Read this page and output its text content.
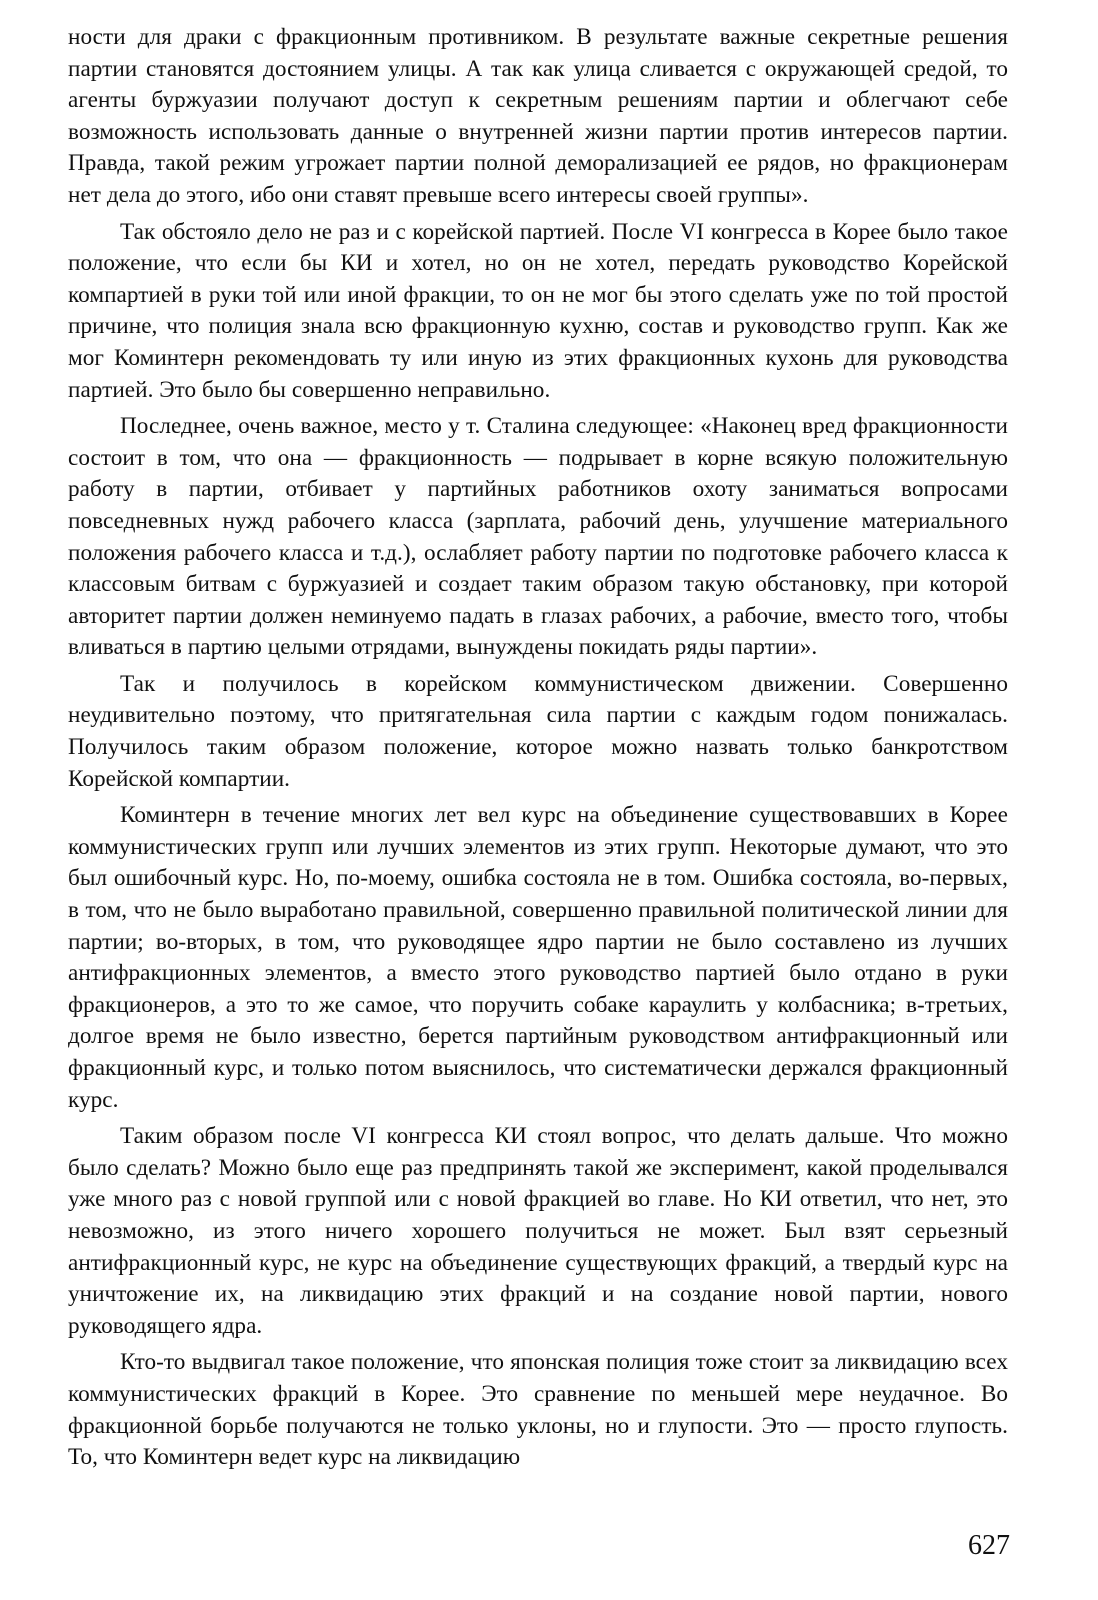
ности для драки с фракционным противником. В результате важные секретные решения партии становятся достоянием улицы. А так как улица сливается с окружающей средой, то агенты буржуазии получают доступ к секретным решениям партии и облегчают себе возможность использовать данные о внутренней жизни партии против интересов партии. Правда, такой режим угрожает партии полной деморализацией ее рядов, но фракционерам нет дела до этого, ибо они ставят превыше всего интересы своей группы».

Так обстояло дело не раз и с корейской партией. После VI конгресса в Корее было такое положение, что если бы КИ и хотел, но он не хотел, передать руководство Корейской компартией в руки той или иной фракции, то он не мог бы этого сделать уже по той простой причине, что полиция знала всю фракционную кухню, состав и руководство групп. Как же мог Коминтерн рекомендовать ту или иную из этих фракционных кухонь для руководства партией. Это было бы совершенно неправильно.

Последнее, очень важное, место у т. Сталина следующее: «Наконец вред фракционности состоит в том, что она — фракционность — подрывает в корне всякую положительную работу в партии, отбивает у партийных работников охоту заниматься вопросами повседневных нужд рабочего класса (зарплата, рабочий день, улучшение материального положения рабочего класса и т.д.), ослабляет работу партии по подготовке рабочего класса к классовым битвам с буржуазией и создает таким образом такую обстановку, при которой авторитет партии должен неминуемо падать в глазах рабочих, а рабочие, вместо того, чтобы вливаться в партию целыми отрядами, вынуждены покидать ряды партии».

Так и получилось в корейском коммунистическом движении. Совершенно неудивительно поэтому, что притягательная сила партии с каждым годом понижалась. Получилось таким образом положение, которое можно назвать только банкротством Корейской компартии.

Коминтерн в течение многих лет вел курс на объединение существовавших в Корее коммунистических групп или лучших элементов из этих групп. Некоторые думают, что это был ошибочный курс. Но, по-моему, ошибка состояла не в том. Ошибка состояла, во-первых, в том, что не было выработано правильной, совершенно правильной политической линии для партии; во-вторых, в том, что руководящее ядро партии не было составлено из лучших антифракционных элементов, а вместо этого руководство партией было отдано в руки фракционеров, а это то же самое, что поручить собаке караулить у колбасника; в-третьих, долгое время не было известно, берется партийным руководством антифракционный или фракционный курс, и только потом выяснилось, что систематически держался фракционный курс.

Таким образом после VI конгресса КИ стоял вопрос, что делать дальше. Что можно было сделать? Можно было еще раз предпринять такой же эксперимент, какой проделывался уже много раз с новой группой или с новой фракцией во главе. Но КИ ответил, что нет, это невозможно, из этого ничего хорошего получиться не может. Был взят серьезный антифракционный курс, не курс на объединение существующих фракций, а твердый курс на уничтожение их, на ликвидацию этих фракций и на создание новой партии, нового руководящего ядра.

Кто-то выдвигал такое положение, что японская полиция тоже стоит за ликвидацию всех коммунистических фракций в Корее. Это сравнение по меньшей мере неудачное. Во фракционной борьбе получаются не только уклоны, но и глупости. Это — просто глупость. То, что Коминтерн ведет курс на ликвидацию

627
